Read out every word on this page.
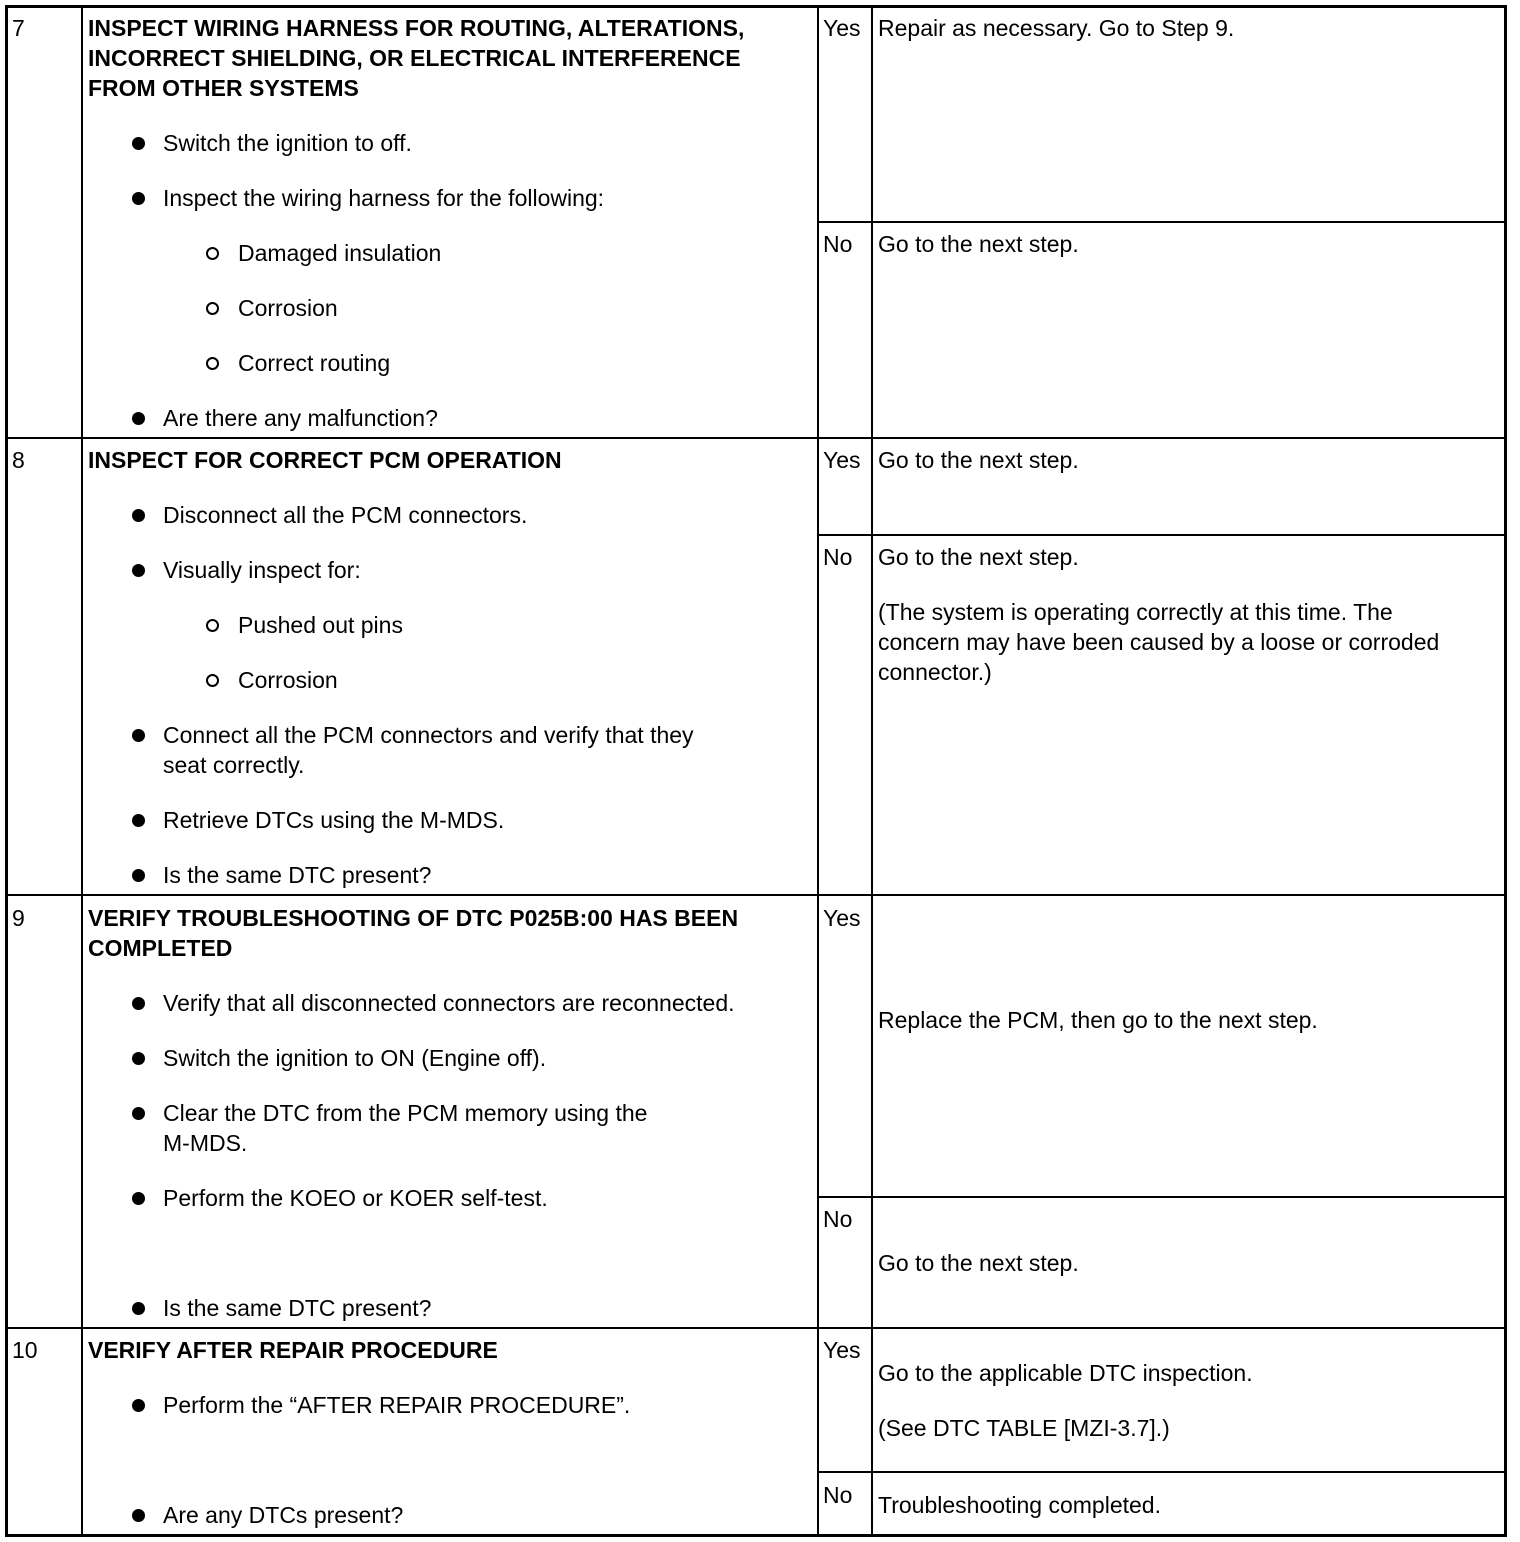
7	INSPECT WIRING HARNESS FOR ROUTING, ALTERATIONS,
INCORRECT SHIELDING, OR ELECTRICAL INTERFERENCE
FROM OTHER SYSTEMS
Switch the ignition to off.
Inspect the wiring harness for the following:
Damaged insulation
Corrosion
Correct routing
Are there any malfunction?
Yes Repair as necessary. Go to Step 9.
No Go to the next step.
8	INSPECT FOR CORRECT PCM OPERATION
Disconnect all the PCM connectors.
Visually inspect for:
Pushed out pins
Corrosion
Connect all the PCM connectors and verify that they
seat correctly.
Retrieve DTCs using the M-MDS.
Is the same DTC present?
Yes Go to the next step.
No Go to the next step.
(The system is operating correctly at this time. The
concern may have been caused by a loose or corroded
connector.)
9	VERIFY TROUBLESHOOTING OF DTC P025B:00 HAS BEEN
COMPLETED
Verify that all disconnected connectors are reconnected.
Switch the ignition to ON (Engine off).
Clear the DTC from the PCM memory using the
M-MDS.
Perform the KOEO or KOER self-test.
Is the same DTC present?
Yes
Replace the PCM, then go to the next step.
No
Go to the next step.
10 VERIFY AFTER REPAIR PROCEDURE
Perform the “AFTER REPAIR PROCEDURE”.
Are any DTCs present?
Yes
Go to the applicable DTC inspection.
(See DTC TABLE [MZI-3.7].)
No Troubleshooting completed.
